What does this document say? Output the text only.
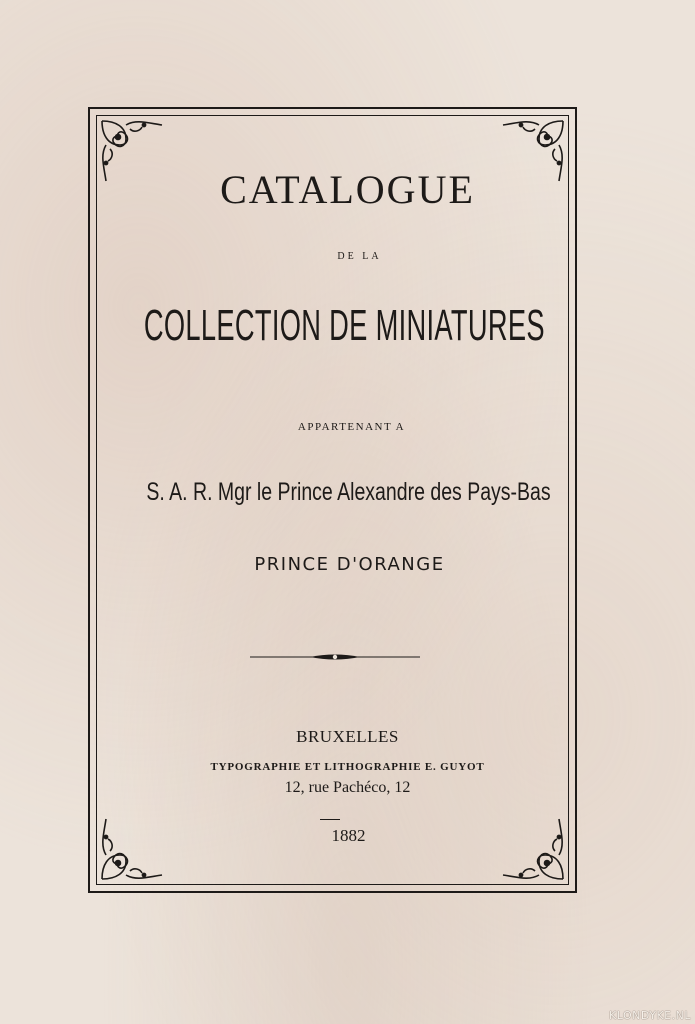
CATALOGUE
DE LA
COLLECTION DE MINIATURES
APPARTENANT A
S. A. R. Mgr le Prince Alexandre des Pays-Bas
PRINCE D'ORANGE
BRUXELLES
TYPOGRAPHIE ET LITHOGRAPHIE E. GUYOT
12, rue Pachéco, 12
1882
KLONDYKE.NL
